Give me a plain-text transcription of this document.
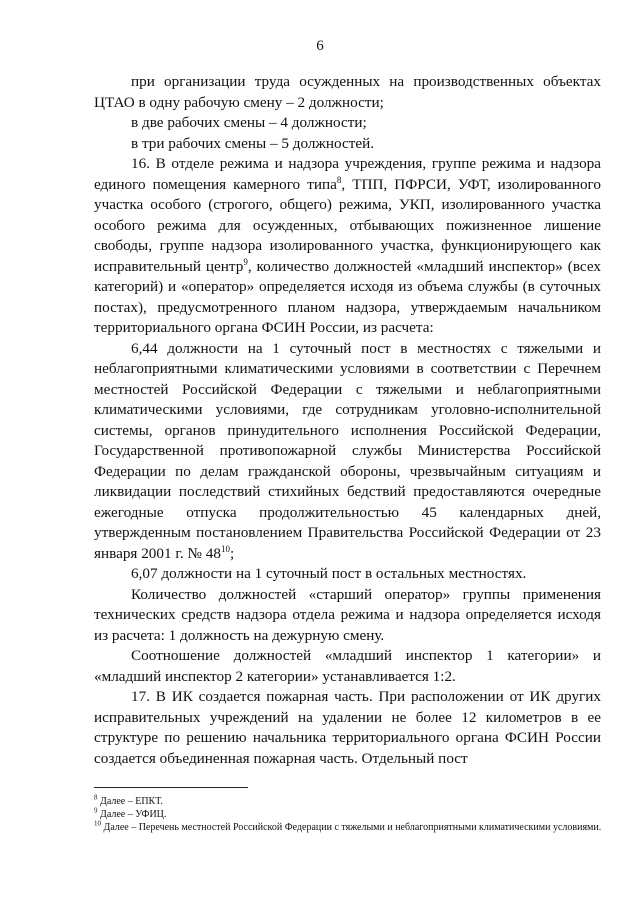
6

при организации труда осужденных на производственных объектах ЦТАО в одну рабочую смену – 2 должности;

в две рабочих смены – 4 должности;

в три рабочих смены – 5 должностей.

16. В отделе режима и надзора учреждения, группе режима и надзора единого помещения камерного типа$^8$, ТПП, ПФРСИ, УФТ, изолированного участка особого (строгого, общего) режима, УКП, изолированного участка особого режима для осужденных, отбывающих пожизненное лишение свободы, группе надзора изолированного участка, функционирующего как исправительный центр$^9$, количество должностей «младший инспектор» (всех категорий) и «оператор» определяется исходя из объема службы (в суточных постах), предусмотренного планом надзора, утверждаемым начальником территориального органа ФСИН России, из расчета:

6,44 должности на 1 суточный пост в местностях с тяжелыми и неблагоприятными климатическими условиями в соответствии с Перечнем местностей Российской Федерации с тяжелыми и неблагоприятными климатическими условиями, где сотрудникам уголовно-исполнительной системы, органов принудительного исполнения Российской Федерации, Государственной противопожарной службы Министерства Российской Федерации по делам гражданской обороны, чрезвычайным ситуациям и ликвидации последствий стихийных бедствий предоставляются очередные ежегодные отпуска продолжительностью 45 календарных дней, утвержденным постановлением Правительства Российской Федерации от 23 января 2001 г. № $48^{10}$;

6,07 должности на 1 суточный пост в остальных местностях.

Количество должностей «старший оператор» группы применения технических средств надзора отдела режима и надзора определяется исходя из расчета: 1 должность на дежурную смену.

Соотношение должностей «младший инспектор 1 категории» и «младший инспектор 2 категории» устанавливается 1:2.

17. В ИК создается пожарная часть. При расположении от ИК других исправительных учреждений на удалении не более 12 километров в ее структуре по решению начальника территориального органа ФСИН России создается объединенная пожарная часть. Отдельный пост

$^8$ Далее – ЕПКТ.

$^9$ Далее – УФИЦ.

$^{10}$ Далее – Перечень местностей Российской Федерации с тяжелыми и неблагоприятными климатическими условиями.
